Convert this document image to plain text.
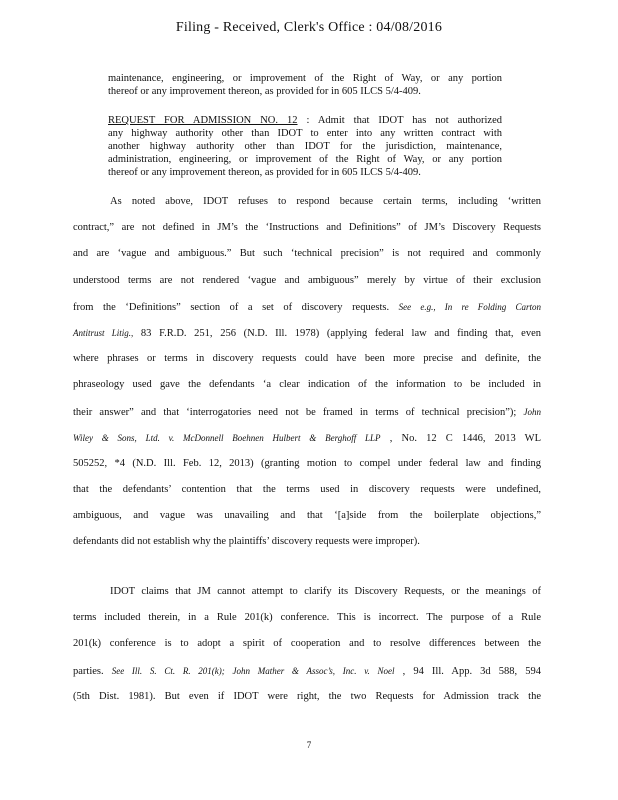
Filing - Received, Clerk's Office : 04/08/2016

maintenance, engineering, or improvement of the Right of Way, or any portion

thereof or any improvement thereon, as provided for in 605 ILCS 5/4-409.

REQUEST FOR ADMISSION NO. 12 : Admit that IDOT has not authorized

any highway authority other than IDOT to enter into any written contract with

another highway authority other than IDOT for the jurisdiction, maintenance,

administration, engineering, or improvement of the Right of Way, or any portion

thereof or any improvement thereon, as provided for in 605 ILCS 5/4-409.

As noted above, IDOT refuses to respond because certain terms, including ‘written
contract,” are not defined in JM’s the ‘Instructions and Definitions” of JM’s Discovery Requests
and are ‘vague and ambiguous.” But such ‘technical precision” is not required and commonly
understood terms are not rendered ‘vague and ambiguous” merely by virtue of their exclusion
from the ‘Definitions” section of a set of discovery requests. See e.g., In re Folding Carton
Antitrust Litig., 83 F.R.D. 251, 256 (N.D. Ill. 1978) (applying federal law and finding that, even
where phrases or terms in discovery requests could have been more precise and definite, the
phraseology used gave the defendants ‘a clear indication of the information to be included in
their answer” and that ‘interrogatories need not be framed in terms of technical precision”); John
Wiley & Sons, Ltd. v. McDonnell Boehnen Hulbert & Berghoff LLP , No. 12 C 1446, 2013 WL
505252, *4 (N.D. Ill. Feb. 12, 2013) (granting motion to compel under federal law and finding
that the defendants’ contention that the terms used in discovery requests were undefined,
ambiguous, and vague was unavailing and that ‘[a]side from the boilerplate objections,”
defendants did not establish why the plaintiffs’ discovery requests were improper).
IDOT claims that JM cannot attempt to clarify its Discovery Requests, or the meanings of
terms included therein, in a Rule 201(k) conference. This is incorrect. The purpose of a Rule
201(k) conference is to adopt a spirit of cooperation and to resolve differences between the
parties. See Ill. S. Ct. R. 201(k); John Mather & Assoc’s, Inc. v. Noel , 94 Ill. App. 3d 588, 594
(5th Dist. 1981). But even if IDOT were right, the two Requests for Admission track the
7
